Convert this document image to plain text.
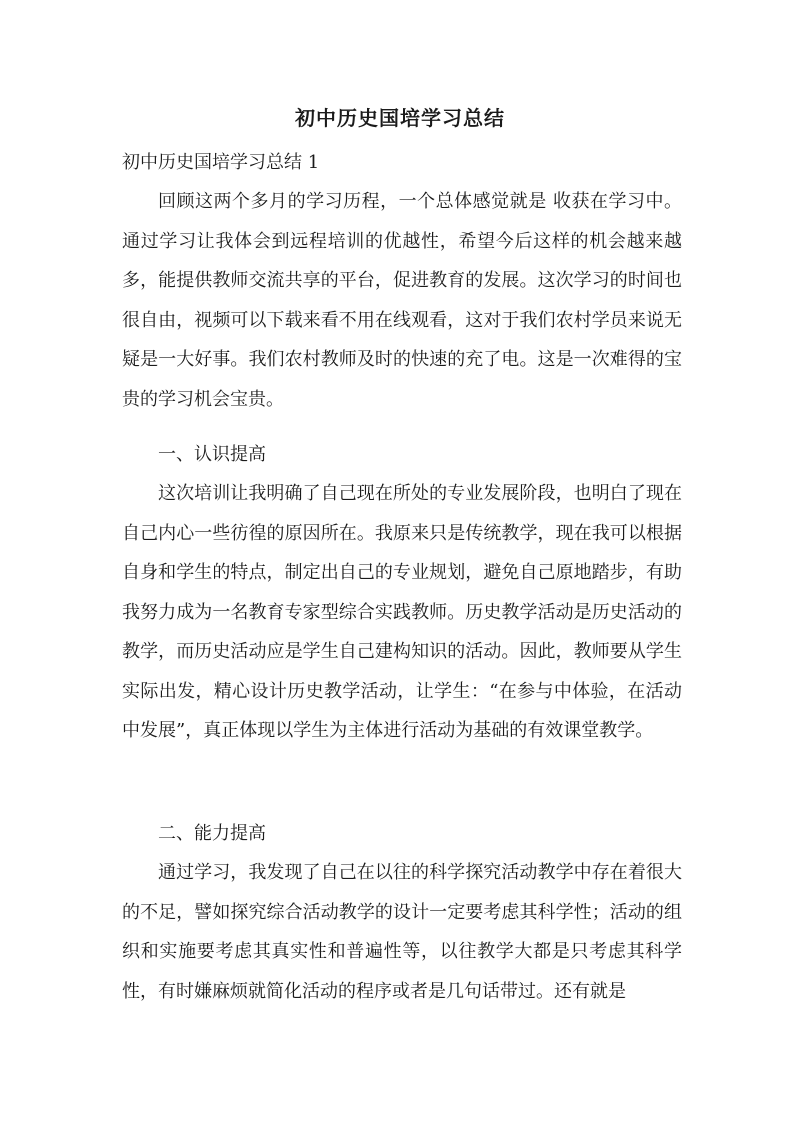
初中历史国培学习总结
初中历史国培学习总结 1

回顾这两个多月的学习历程，一个总体感觉就是 收获在学习中。通过学习让我体会到远程培训的优越性，希望今后这样的机会越来越多，能提供教师交流共享的平台，促进教育的发展。这次学习的时间也很自由，视频可以下载来看不用在线观看，这对于我们农村学员来说无疑是一大好事。我们农村教师及时的快速的充了电。这是一次难得的宝贵的学习机会宝贵。

一、认识提高

这次培训让我明确了自己现在所处的专业发展阶段，也明白了现在自己内心一些彷徨的原因所在。我原来只是传统教学，现在我可以根据自身和学生的特点，制定出自己的专业规划，避免自己原地踏步，有助我努力成为一名教育专家型综合实践教师。历史教学活动是历史活动的教学，而历史活动应是学生自己建构知识的活动。因此，教师要从学生实际出发，精心设计历史教学活动，让学生：“在参与中体验，在活动中发展”，真正体现以学生为主体进行活动为基础的有效课堂教学。

二、能力提高

通过学习，我发现了自己在以往的科学探究活动教学中存在着很大的不足，譬如探究综合活动教学的设计一定要考虑其科学性；活动的组织和实施要考虑其真实性和普遍性等，以往教学大都是只考虑其科学性，有时嫌麻烦就简化活动的程序或者是几句话带过。还有就是
